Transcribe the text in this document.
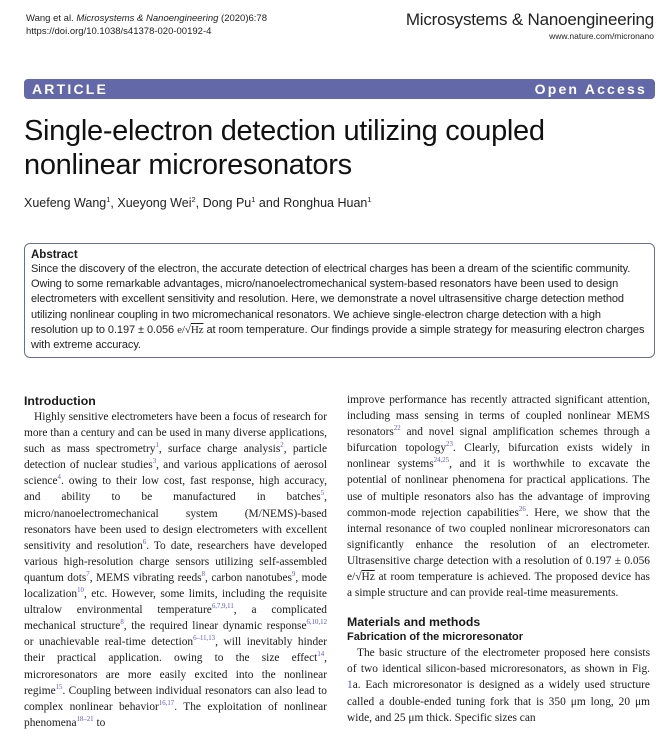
Wang et al. Microsystems & Nanoengineering (2020)6:78
https://doi.org/10.1038/s41378-020-00192-4
Microsystems & Nanoengineering
www.nature.com/micronano
ARTICLE	Open Access
Single-electron detection utilizing coupled nonlinear microresonators
Xuefeng Wang$^1$, Xueyong Wei$^2$, Dong Pu$^1$ and Ronghua Huan$^1$
Abstract
Since the discovery of the electron, the accurate detection of electrical charges has been a dream of the scientific community. Owing to some remarkable advantages, micro/nanoelectromechanical system-based resonators have been used to design electrometers with excellent sensitivity and resolution. Here, we demonstrate a novel ultrasensitive charge detection method utilizing nonlinear coupling in two micromechanical resonators. We achieve single-electron charge detection with a high resolution up to 0.197 ± 0.056 e/√Hz at room temperature. Our findings provide a simple strategy for measuring electron charges with extreme accuracy.
Introduction

Highly sensitive electrometers have been a focus of research for more than a century and can be used in many diverse applications, such as mass spectrometry$^1$, surface charge analysis$^2$, particle detection of nuclear studies$^3$, and various applications of aerosol science$^4$. owing to their low cost, fast response, high accuracy, and ability to be manufactured in batches$^5$, micro/nanoelectromechanical system (M/NEMS)-based resonators have been used to design electrometers with excellent sensitivity and resolution$^6$. To date, researchers have developed various high-resolution charge sensors utilizing self-assembled quantum dots$^7$, MEMS vibrating reeds$^8$, carbon nanotubes$^9$, mode localization$^{10}$, etc. However, some limits, including the requisite ultralow environmental temperature$^{6,7,9,11}$, a complicated mechanical structure$^8$, the required linear dynamic response$^{6,10,12}$ or unachievable real-time detection$^{6-11,13}$, will inevitably hinder their practical application. owing to the size effect$^{14}$, microresonators are more easily excited into the nonlinear regime$^{15}$. Coupling between individual resonators can also lead to complex nonlinear behavior$^{16,17}$. The exploitation of nonlinear phenomena$^{18-21}$ to

improve performance has recently attracted significant attention, including mass sensing in terms of coupled nonlinear MEMS resonators$^{22}$ and novel signal amplification schemes through a bifurcation topology$^{23}$. Clearly, bifurcation exists widely in nonlinear systems$^{24,25}$, and it is worthwhile to excavate the potential of nonlinear phenomena for practical applications. The use of multiple resonators also has the advantage of improving common-mode rejection capabilities$^{26}$. Here, we show that the internal resonance of two coupled nonlinear microresonators can significantly enhance the resolution of an electrometer. Ultrasensitive charge detection with a resolution of 0.197 ± 0.056 e/√Hz at room temperature is achieved. The proposed device has a simple structure and can provide real-time measurements.

Materials and methods
Fabrication of the microresonator

The basic structure of the electrometer proposed here consists of two identical silicon-based microresonators, as shown in Fig. 1a. Each microresonator is designed as a widely used structure called a double-ended tuning fork that is 350 μm long, 20 μm wide, and 25 μm thick. Specific sizes can
